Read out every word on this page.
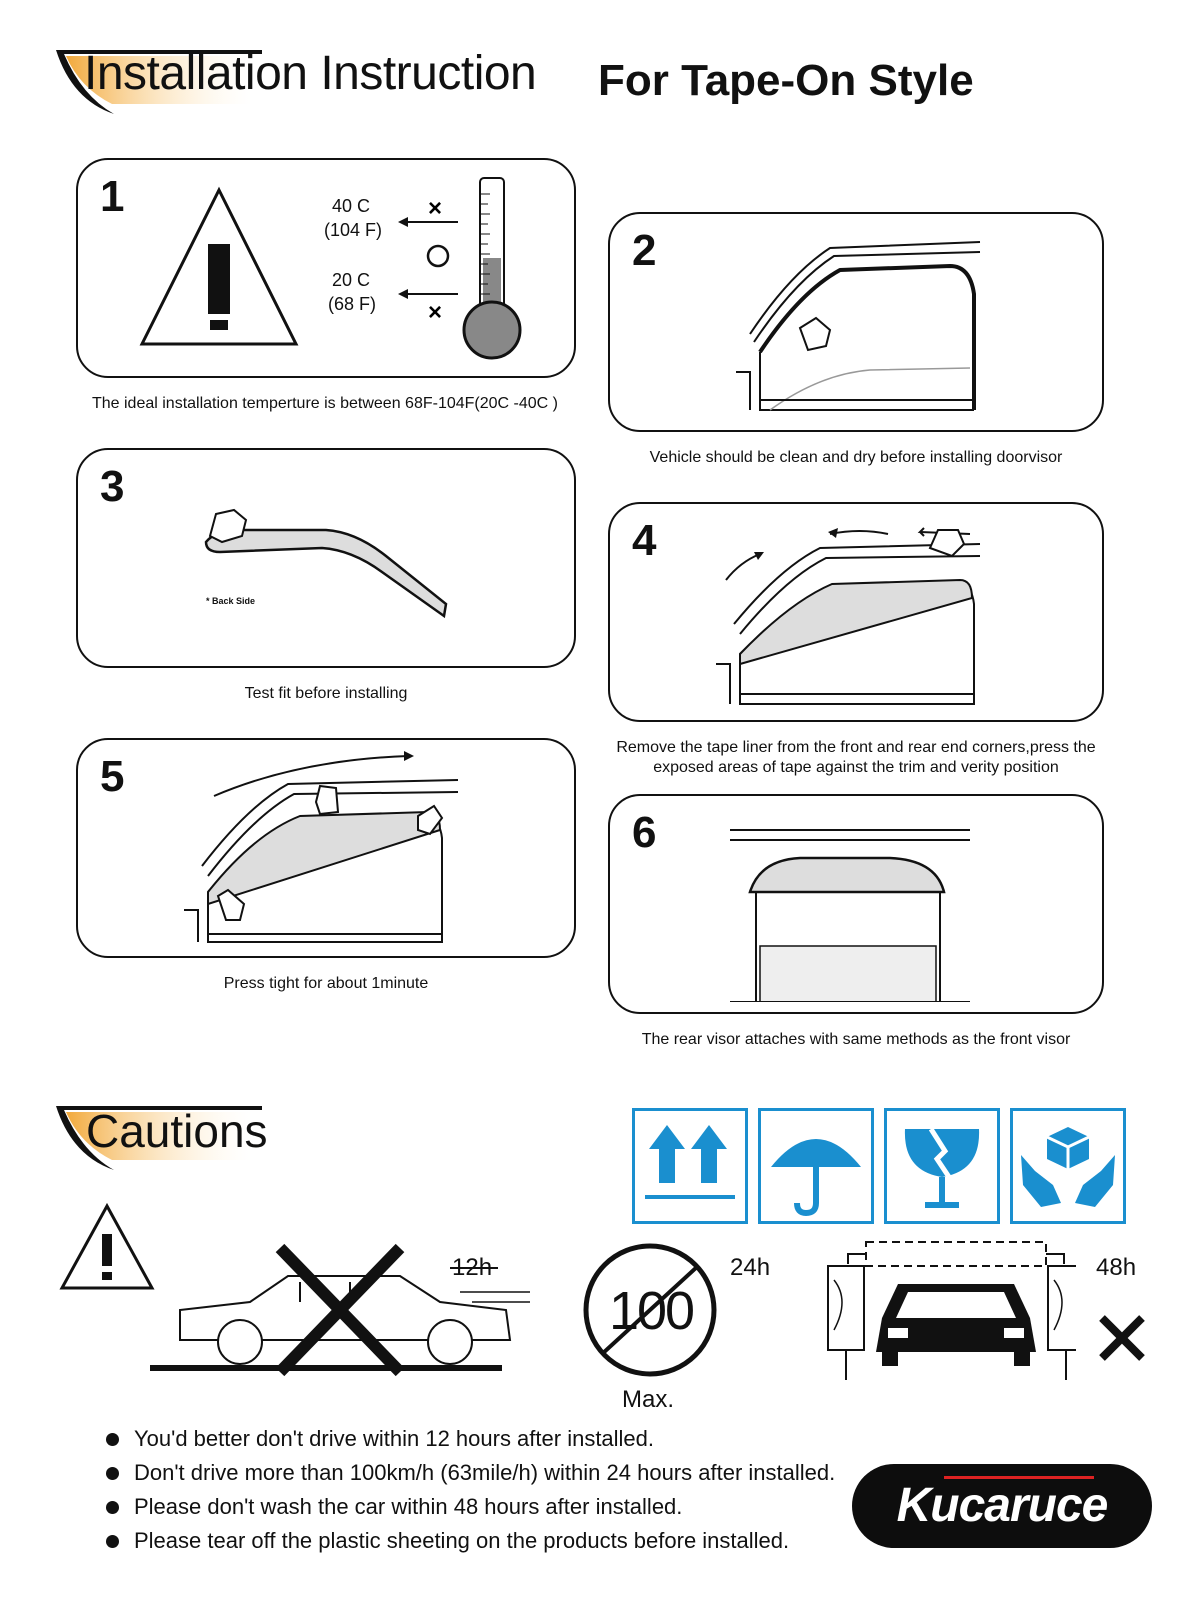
Installation Instruction For Tape-On Style
1	40 C
(104 F)
20 C
(68 F)
×
×
The ideal installation temperture is between 68F-104F(20C -40C )
2
Vehicle should be clean and dry before installing doorvisor
3
* Back Side
Test fit before installing
4
Remove the tape liner from the front and rear end corners,press the exposed areas of tape against the trim and verity position
5
Press tight for about 1minute
6
The rear visor attaches with same methods as the front visor
Cautions
12h
100
24h
Max.
48h
You'd better don't drive within 12 hours after installed.
Don't drive more than 100km/h (63mile/h) within 24 hours after installed.
Please don't wash the car within 48 hours after installed.
Please tear off the plastic sheeting on the products before installed.
Kucaruce
